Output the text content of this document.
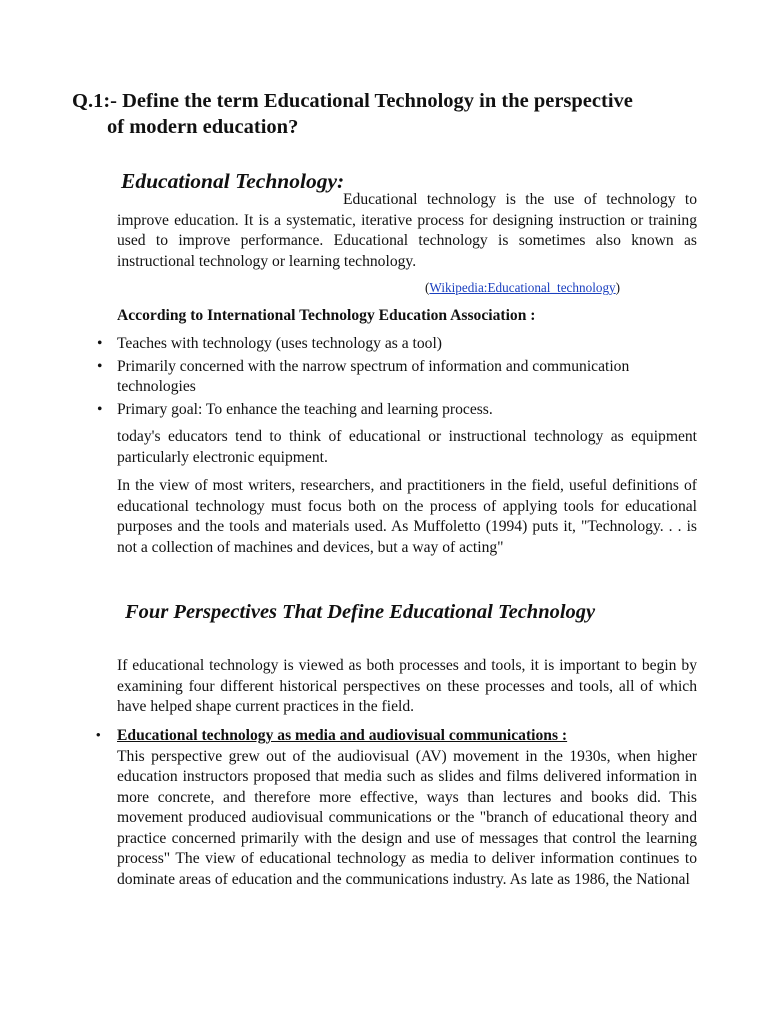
Q.1:- Define the term Educational Technology in the perspective
of modern education?
Educational Technology:

Educational technology is the use of technology to improve education. It is a systematic, iterative process for designing instruction or training used to improve performance. Educational technology is sometimes also known as instructional technology or learning technology.

(Wikipedia:Educational_technology)

According to International Technology Education Association :

• Teaches with technology (uses technology as a tool)
• Primarily concerned with the narrow spectrum of information and communication technologies
• Primary goal: To enhance the teaching and learning process.

today's educators tend to think of educational or instructional technology as equipment particularly electronic equipment.

In the view of most writers, researchers, and practitioners in the field, useful definitions of educational technology must focus both on the process of applying tools for educational purposes and the tools and materials used. As Muffoletto (1994) puts it, "Technology. . . is not a collection of machines and devices, but a way of acting"

Four Perspectives That Define Educational Technology

If educational technology is viewed as both processes and tools, it is important to begin by examining four different historical perspectives on these processes and tools, all of which have helped shape current practices in the field.

• Educational technology as media and audiovisual communications :
This perspective grew out of the audiovisual (AV) movement in the 1930s, when higher education instructors proposed that media such as slides and films delivered information in more concrete, and therefore more effective, ways than lectures and books did. This movement produced audiovisual communications or the "branch of educational theory and practice concerned primarily with the design and use of messages that control the learning process" The view of educational technology as media to deliver information continues to dominate areas of education and the communications industry. As late as 1986, the National
